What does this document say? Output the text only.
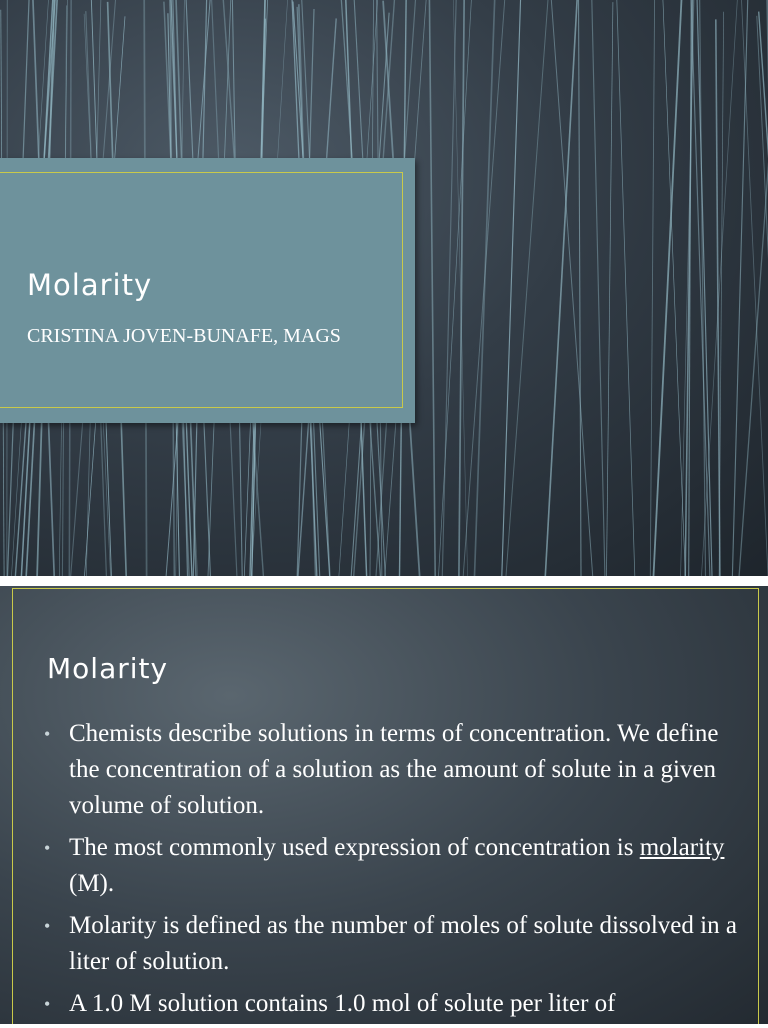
Molarity

CRISTINA JOVEN-BUNAFE, MAGS

Molarity
• Chemists describe solutions in terms of concentration. We define the concentration of a solution as the amount of solute in a given volume of solution.
• The most commonly used expression of concentration is molarity (M).
• Molarity is defined as the number of moles of solute dissolved in a liter of solution.
• A 1.0 M solution contains 1.0 mol of solute per liter of
